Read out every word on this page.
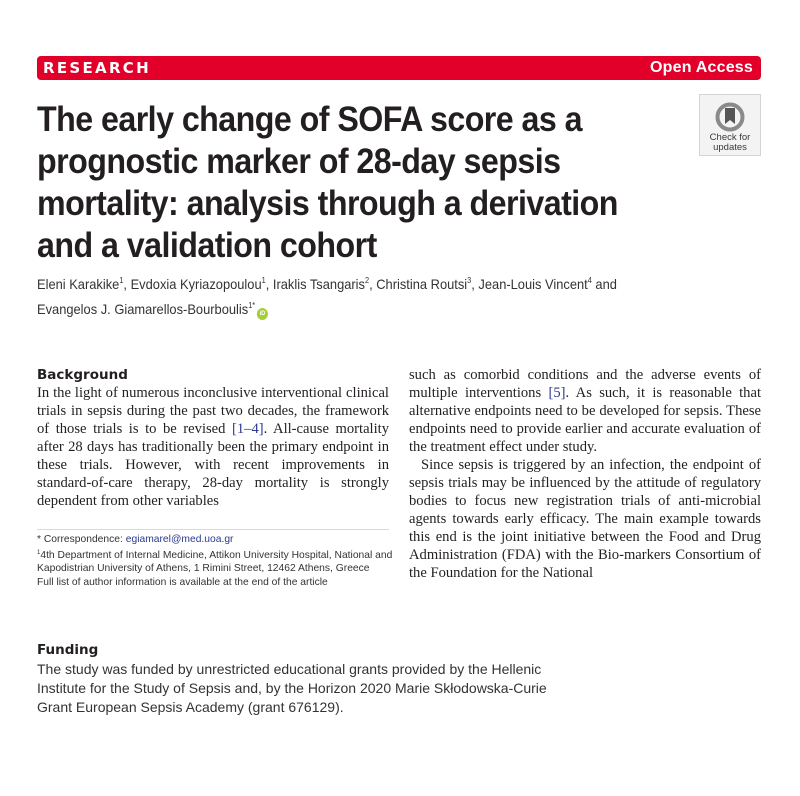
RESEARCH	Open Access
The early change of SOFA score as a prognostic marker of 28-day sepsis mortality: analysis through a derivation and a validation cohort
Check for
updates
Eleni Karakike$^1$, Evdoxia Kyriazopoulou$^1$, Iraklis Tsangaris$^2$, Christina Routsi$^3$, Jean-Louis Vincent$^4$ and
Evangelos J. Giamarellos-Bourboulis$^{1*}$iD
Background

In the light of numerous inconclusive interventional clinical trials in sepsis during the past two decades, the framework of those trials is to be revised [1–4]. All-cause mortality after 28 days has traditionally been the primary endpoint in these trials. However, with recent improvements in standard-of-care therapy, 28-day mortality is strongly dependent from other variables

such as comorbid conditions and the adverse events of multiple interventions [5]. As such, it is reasonable that alternative endpoints need to be developed for sepsis. These endpoints need to provide earlier and accurate evaluation of the treatment effect under study.

Since sepsis is triggered by an infection, the endpoint of sepsis trials may be influenced by the attitude of regulatory bodies to focus new registration trials of anti-microbial agents towards early efficacy. The main example towards this end is the joint initiative between the Food and Drug Administration (FDA) with the Bio-markers Consortium of the Foundation for the National

* Correspondence: egiamarel@med.uoa.gr
$^1$4th Department of Internal Medicine, Attikon University Hospital, National and Kapodistrian University of Athens, 1 Rimini Street, 12462 Athens, Greece
Full list of author information is available at the end of the article
Funding
The study was funded by unrestricted educational grants provided by the Hellenic Institute for the Study of Sepsis and, by the Horizon 2020 Marie Skłodowska-Curie Grant European Sepsis Academy (grant 676129).
